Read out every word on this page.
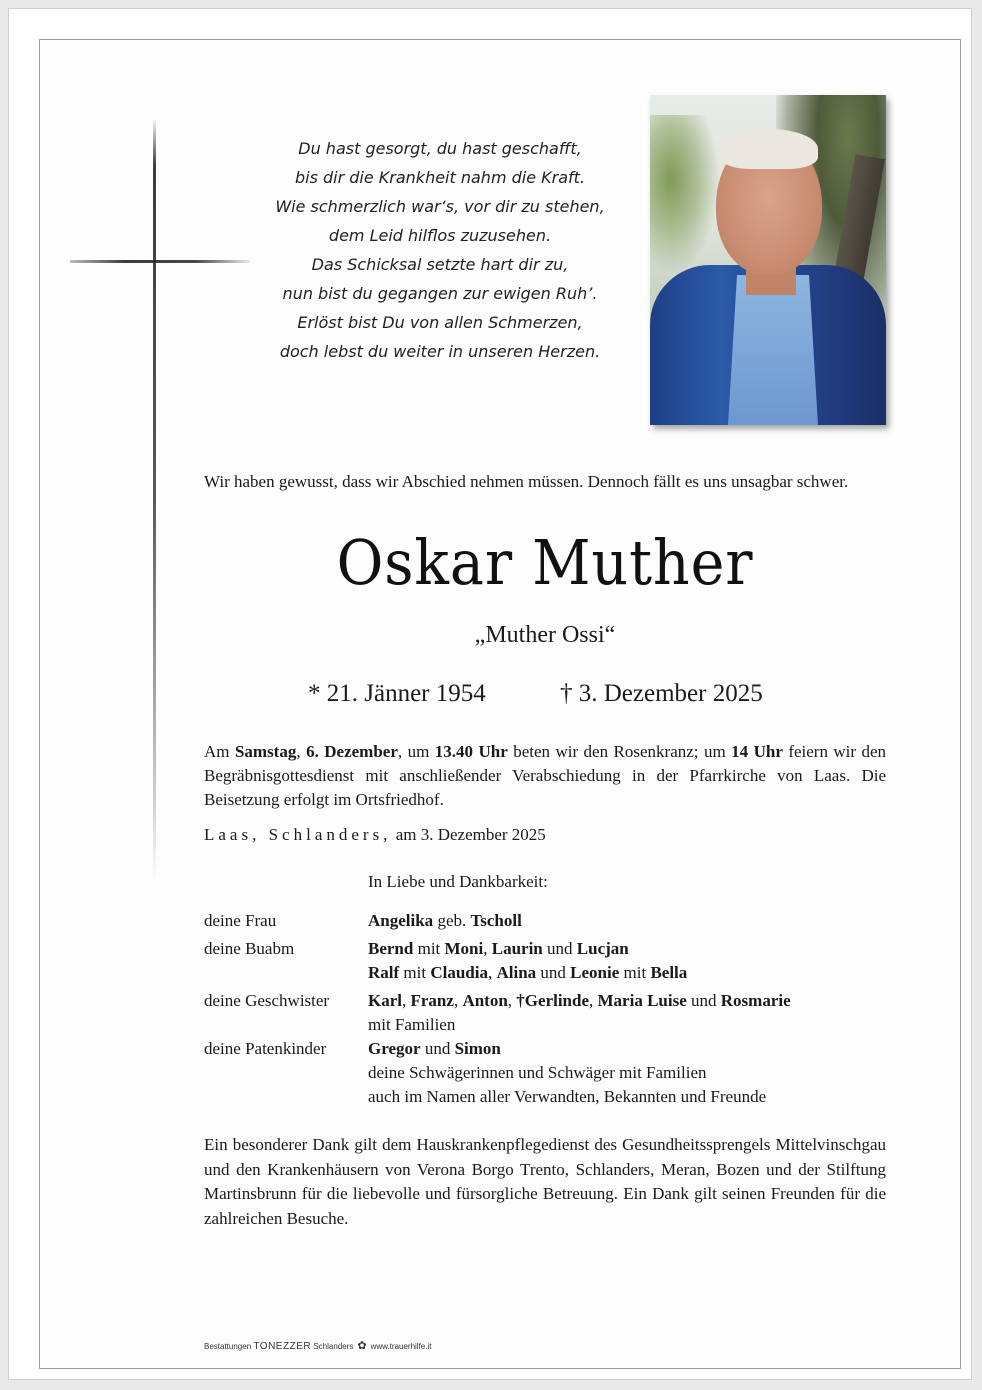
Du hast gesorgt, du hast geschafft,
bis dir die Krankheit nahm die Kraft.
Wie schmerzlich war‘s, vor dir zu stehen,
dem Leid hilflos zuzusehen.
Das Schicksal setzte hart dir zu,
nun bist du gegangen zur ewigen Ruh’.
Erlöst bist Du von allen Schmerzen,
doch lebst du weiter in unseren Herzen.
Wir haben gewusst, dass wir Abschied nehmen müssen. Dennoch fällt es uns unsagbar schwer.
Oskar Muther
„Muther Ossi“
* 21. Jänner 1954	† 3. Dezember 2025
Am Samstag, 6. Dezember, um 13.40 Uhr beten wir den Rosenkranz; um 14 Uhr feiern wir den Begräbnisgottesdienst mit anschließender Verabschiedung in der Pfarrkirche von Laas. Die Beisetzung erfolgt im Ortsfriedhof.
Laas, Schlanders, am 3. Dezember 2025
In Liebe und Dankbarkeit:
deine Frau	Angelika geb. Tscholl
deine Buabm	Bernd mit Moni, Laurin und Lucjan
Ralf mit Claudia, Alina und Leonie mit Bella
deine Geschwister Karl, Franz, Anton, †Gerlinde, Maria Luise und Rosmarie
mit Familien
deine Patenkinder Gregor und Simon
deine Schwägerinnen und Schwäger mit Familien
auch im Namen aller Verwandten, Bekannten und Freunde
Ein besonderer Dank gilt dem Hauskrankenpflegedienst des Gesundheitssprengels Mittelvinschgau und den Krankenhäusern von Verona Borgo Trento, Schlanders, Meran, Bozen und der Stilftung Martinsbrunn für die liebevolle und fürsorgliche Betreuung. Ein Dank gilt seinen Freunden für die zahlreichen Besuche.
Bestattungen TONEZZER Schlanders ✿ www.trauerhilfe.it
